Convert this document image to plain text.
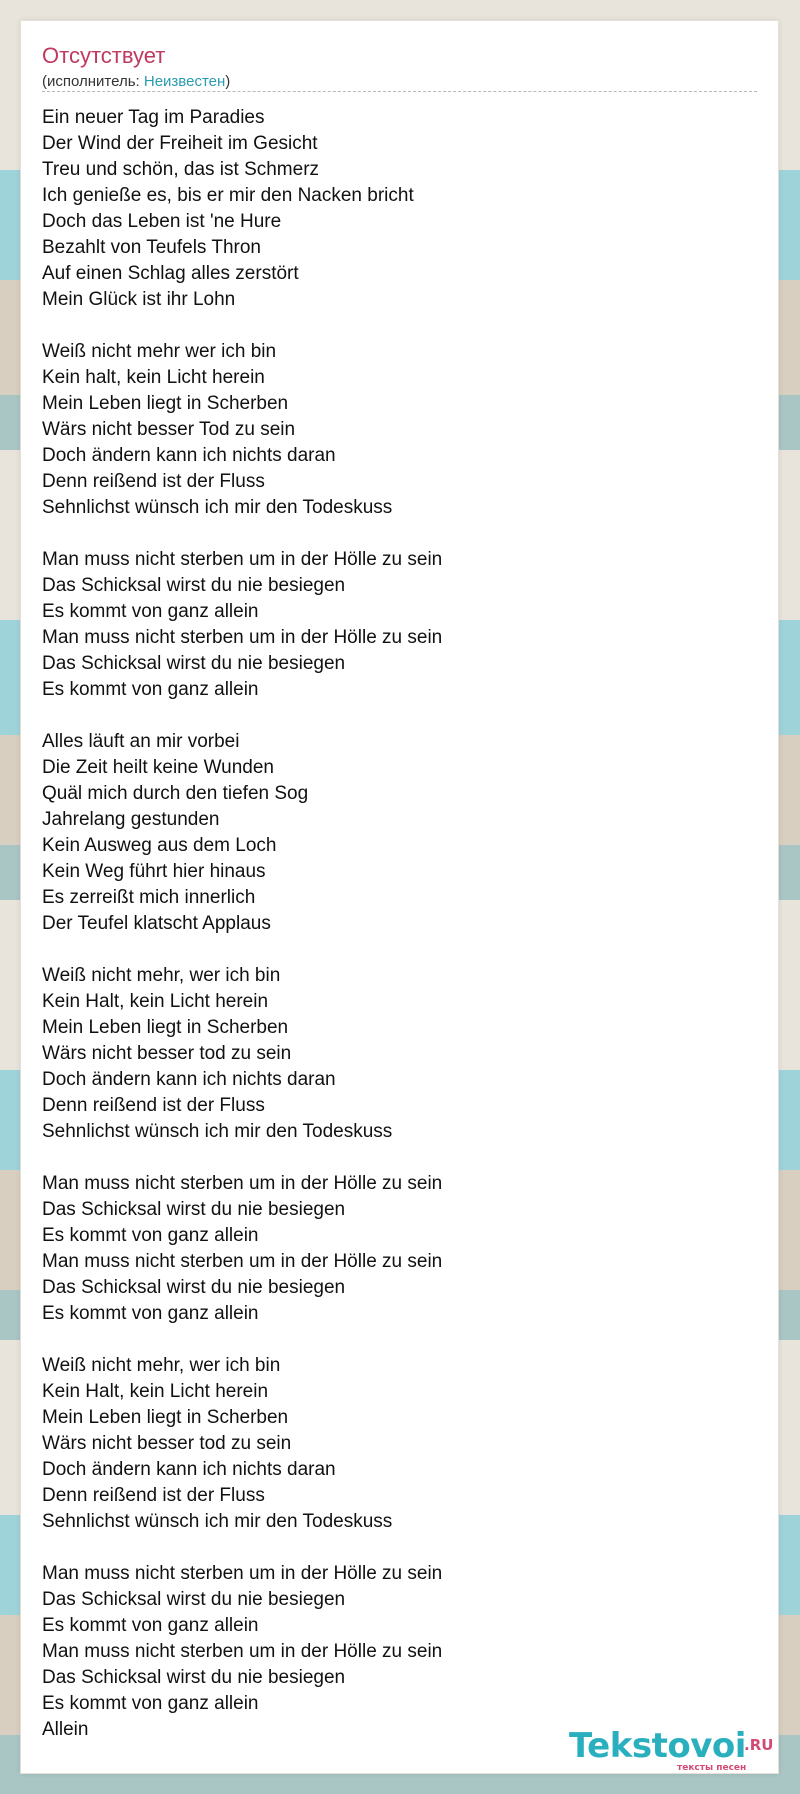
Отсутствует
(исполнитель: Неизвестен)
Ein neuer Tag im Paradies
Der Wind der Freiheit im Gesicht
Treu und schön, das ist Schmerz
Ich genieße es, bis er mir den Nacken bricht
Doch das Leben ist 'ne Hure
Bezahlt von Teufels Thron
Auf einen Schlag alles zerstört
Mein Glück ist ihr Lohn
Weiß nicht mehr wer ich bin
Kein halt, kein Licht herein
Mein Leben liegt in Scherben
Wärs nicht besser Tod zu sein
Doch ändern kann ich nichts daran
Denn reißend ist der Fluss
Sehnlichst wünsch ich mir den Todeskuss
Man muss nicht sterben um in der Hölle zu sein
Das Schicksal wirst du nie besiegen
Es kommt von ganz allein
Man muss nicht sterben um in der Hölle zu sein
Das Schicksal wirst du nie besiegen
Es kommt von ganz allein
Alles läuft an mir vorbei
Die Zeit heilt keine Wunden
Quäl mich durch den tiefen Sog
Jahrelang gestunden
Kein Ausweg aus dem Loch
Kein Weg führt hier hinaus
Es zerreißt mich innerlich
Der Teufel klatscht Applaus
Weiß nicht mehr, wer ich bin
Kein Halt, kein Licht herein
Mein Leben liegt in Scherben
Wärs nicht besser tod zu sein
Doch ändern kann ich nichts daran
Denn reißend ist der Fluss
Sehnlichst wünsch ich mir den Todeskuss
Man muss nicht sterben um in der Hölle zu sein
Das Schicksal wirst du nie besiegen
Es kommt von ganz allein
Man muss nicht sterben um in der Hölle zu sein
Das Schicksal wirst du nie besiegen
Es kommt von ganz allein
Weiß nicht mehr, wer ich bin
Kein Halt, kein Licht herein
Mein Leben liegt in Scherben
Wärs nicht besser tod zu sein
Doch ändern kann ich nichts daran
Denn reißend ist der Fluss
Sehnlichst wünsch ich mir den Todeskuss
Man muss nicht sterben um in der Hölle zu sein
Das Schicksal wirst du nie besiegen
Es kommt von ganz allein
Man muss nicht sterben um in der Hölle zu sein
Das Schicksal wirst du nie besiegen
Es kommt von ganz allein
Allein	Tekstovoi
.RU
тексты песен
